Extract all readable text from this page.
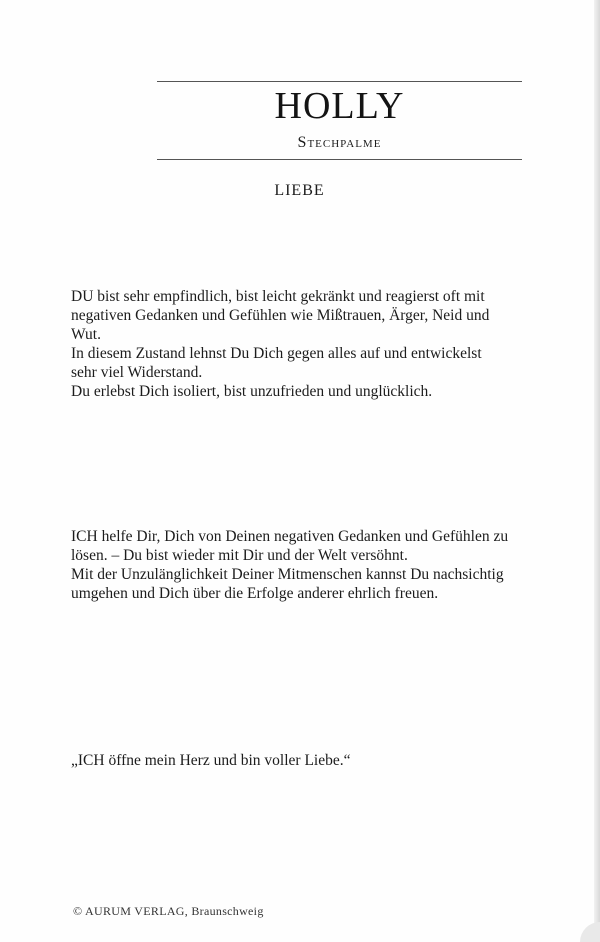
HOLLY
Stechpalme
LIEBE

DU bist sehr empfindlich, bist leicht gekränkt und reagierst oft mit negativen Gedanken und Gefühlen wie Mißtrauen, Ärger, Neid und Wut.

In diesem Zustand lehnst Du Dich gegen alles auf und entwickelst sehr viel Widerstand.

Du erlebst Dich isoliert, bist unzufrieden und unglücklich.

ICH helfe Dir, Dich von Deinen negativen Gedanken und Gefühlen zu lösen. – Du bist wieder mit Dir und der Welt versöhnt.

Mit der Unzulänglichkeit Deiner Mitmenschen kannst Du nachsichtig umgehen und Dich über die Erfolge anderer ehrlich freuen.

„ICH öffne mein Herz und bin voller Liebe.“
© AURUM VERLAG, Braunschweig
